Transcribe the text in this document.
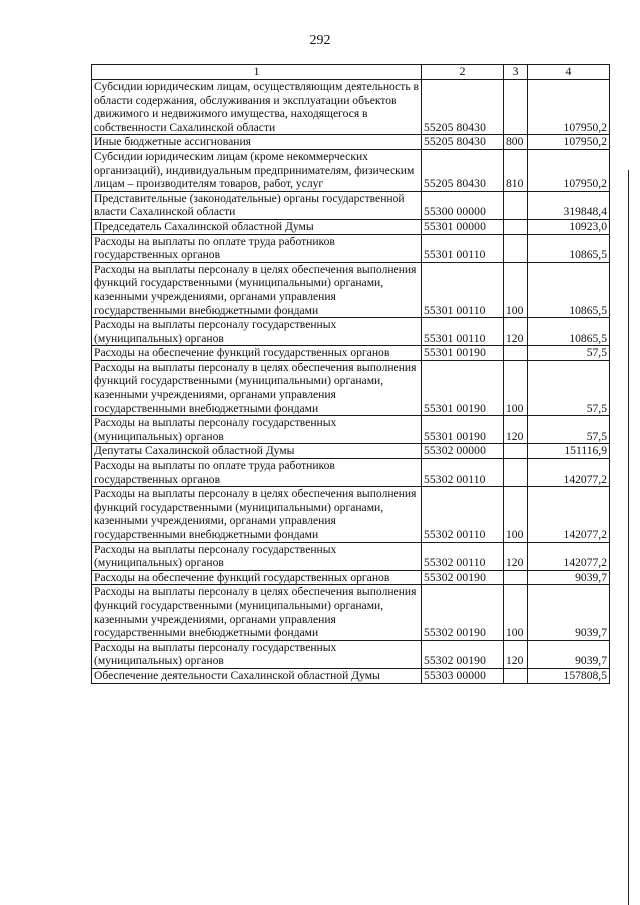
292
1	2	3	4
Субсидии юридическим лицам, осуществляющим деятельность в области содержания, обслуживания и эксплуатации объектов движимого и недвижимого имущества, находящегося в собственности Сахалинской области	55205 80430		107950,2
Иные бюджетные ассигнования	55205 80430	800	107950,2
Субсидии юридическим лицам (кроме некоммерческих организаций), индивидуальным предпринимателям, физическим лицам – производителям товаров, работ, услуг	55205 80430	810	107950,2
Представительные (законодательные) органы государственной власти Сахалинской области	55300 00000		319848,4
Председатель Сахалинской областной Думы	55301 00000		10923,0
Расходы на выплаты по оплате труда работников государственных органов	55301 00110		10865,5
Расходы на выплаты персоналу в целях обеспечения выполнения функций государственными (муниципальными) органами, казенными учреждениями, органами управления государственными внебюджетными фондами	55301 00110	100	10865,5
Расходы на выплаты персоналу государственных (муниципальных) органов	55301 00110	120	10865,5
Расходы на обеспечение функций государственных органов	55301 00190		57,5
Расходы на выплаты персоналу в целях обеспечения выполнения функций государственными (муниципальными) органами, казенными учреждениями, органами управления государственными внебюджетными фондами	55301 00190	100	57,5
Расходы на выплаты персоналу государственных (муниципальных) органов	55301 00190	120	57,5
Депутаты Сахалинской областной Думы	55302 00000		151116,9
Расходы на выплаты по оплате труда работников государственных органов	55302 00110		142077,2
Расходы на выплаты персоналу в целях обеспечения выполнения функций государственными (муниципальными) органами, казенными учреждениями, органами управления государственными внебюджетными фондами	55302 00110	100	142077,2
Расходы на выплаты персоналу государственных (муниципальных) органов	55302 00110	120	142077,2
Расходы на обеспечение функций государственных органов	55302 00190		9039,7
Расходы на выплаты персоналу в целях обеспечения выполнения функций государственными (муниципальными) органами, казенными учреждениями, органами управления государственными внебюджетными фондами	55302 00190	100	9039,7
Расходы на выплаты персоналу государственных (муниципальных) органов	55302 00190	120	9039,7
Обеспечение деятельности Сахалинской областной Думы	55303 00000		157808,5
